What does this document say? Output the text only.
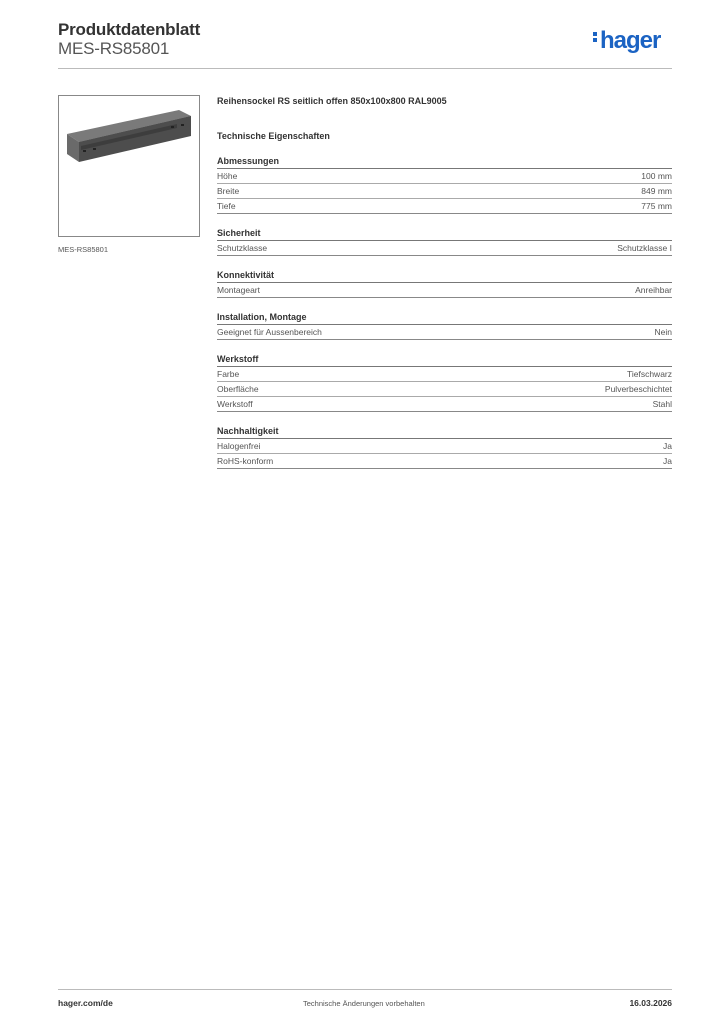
Produktdatenblatt
MES-RS85801	hager
MES-RS85801
Reihensockel RS seitlich offen 850x100x800 RAL9005
Technische Eigenschaften
Abmessungen
Höhe	100 mm
Breite	849 mm
Tiefe	775 mm
Sicherheit
Schutzklasse	Schutzklasse I
Konnektivität
Montageart	Anreihbar
Installation, Montage
Geeignet für Aussenbereich	Nein
Werkstoff
Farbe	Tiefschwarz
Oberfläche	Pulverbeschichtet
Werkstoff	Stahl
Nachhaltigkeit
Halogenfrei	Ja
RoHS-konform	Ja
hager.com/de	Technische Änderungen vorbehalten	16.03.2026
